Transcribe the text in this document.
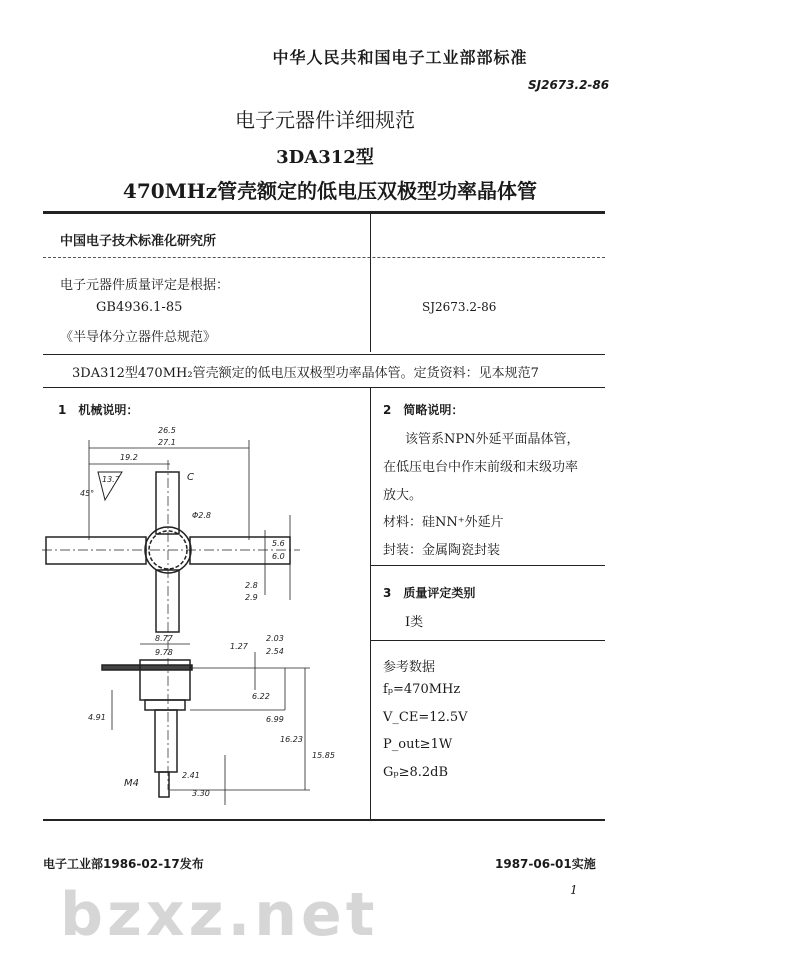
bzxz.net
中华人民共和国电子工业部部标准
SJ2673.2-86
电子元器件详细规范
3DA312型
470MHz管壳额定的低电压双极型功率晶体管
中国电子技术标准化研究所
电子元器件质量评定是根据：
GB4936.1-85
《半导体分立器件总规范》
SJ2673.2-86
3DA312型470MH₂管壳额定的低电压双极型功率晶体管。定货资料：见本规范7
1　机械说明：
26.5
27.1
19.2
13.7
45°
C
Φ2.8
5.6
6.0
2.8
2.9
8.77
9.78
1.27
2.03
2.54
6.22
6.99
4.91
16.23
15.85
M4
2.41
3.30
2　简略说明：
该管系NPN外延平面晶体管，
在低压电台中作末前级和末级功率
放大。
材料：硅NN⁺外延片
封装：金属陶瓷封装
3　质量评定类别
Ⅰ类
参考数据
fₚ=470MHz
V_CE=12.5V
P_out≥1W
Gₚ≥8.2dB
电子工业部1986-02-17发布	1987-06-01实施
1
